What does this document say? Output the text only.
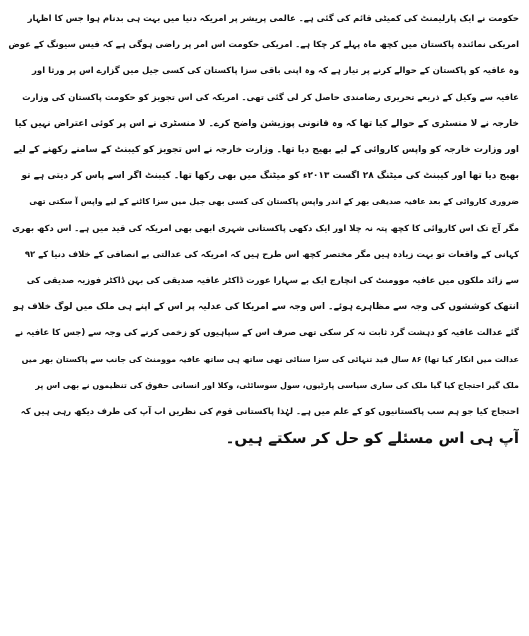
حکومت نے ایک پارلیمنٹ کی کمیٹی قائم کی گئی ہے۔ عالمی پریشر پر امریکہ دنیا میں بہت ہی بدنام ہوا جس کا اظہار
امریکی نمائندہ پاکستان میں کچھ ماہ پہلے کر چکا ہے۔ امریکی حکومت اس امر پر راضی ہوگی ہے کہ فیس سیونگ کے عوض
وہ عافیہ کو پاکستان کے حوالے کرنے پر تیار ہے کہ وہ اپنی باقی سزا پاکستان کی کسی جیل میں گزارے اس پر ورثا اور
عافیہ سے وکیل کے ذریعے تحریری رضامندی حاصل کر لی گئی تھی۔ امریکہ کی اس تجویز کو حکومت پاکستان کی وزارت
خارجہ نے لا منسٹری کے حوالے کیا تھا کہ وہ قانونی پوزیشن واضح کرے۔ لا منسٹری نے اس پر کوئی اعتراض نہیں کیا
اور وزارت خارجہ کو واپس کاروائی کے لیے بھیج دیا تھا۔ وزارت خارجہ نے اس تجویز کو کیبنٹ کے سامنے رکھنے کے لیے
بھیج دیا تھا اور کیبنٹ کی میٹنگ ۲۸ اگست ۲۰۱۳ء کو میٹنگ میں بھی رکھا تھا۔ کیبنٹ اگر اسے پاس کر دیتی ہے تو
ضروری کاروائی کے بعد عافیہ صدیقی بھر کے اندر واپس پاکستان کی کسی بھی جیل میں سزا کاٹنے کے لیے واپس آ سکتی تھی
مگر آج تک اس کاروائی کا کچھ پتہ نہ چلا اور ایک دکھی پاکستانی شہری ابھی بھی امریکہ کی قید میں ہے۔ اس دکھ بھری
کہانی کے واقعات تو بہت زیادہ ہیں مگر مختصر کچھ اس طرح ہیں کہ امریکہ کی عدالتی بے انصافی کے خلاف دنیا کے ۹۲
سے زائد ملکوں میں عافیہ موومنٹ کی انچارج ایک بے سہارا عورت ڈاکٹر عافیہ صدیقی کی بہن ڈاکٹر فوزیہ صدیقی کی
انتھک کوششوں کی وجہ سے مظاہرے ہوئے۔ اس وجہ سے امریکا کی عدلیہ پر اس کے اپنے ہی ملک میں لوگ خلاف ہو
گئے عدالت عافیہ کو دہشت گرد ثابت نہ کر سکی تھی صرف اس کے سپاہیوں کو زخمی کرنے کی وجہ سے (جس کا عافیہ نے
عدالت میں انکار کیا تھا) ۸۶ سال قید تنہائی کی سزا سنائی تھی ساتھ ہی ساتھ عافیہ موومنٹ کی جانب سے پاکستان بھر میں
ملک گیر احتجاج کیا گیا ملک کی ساری سیاسی پارٹیوں، سول سوسائٹی، وکلا اور انسانی حقوق کی تنظیموں نے بھی اس پر
احتجاج کیا جو ہم سب پاکستانیوں کو کے علم میں ہے۔ لہٰذا پاکستانی قوم کی نظریں اب آپ کی طرف دیکھ رہی ہیں کہ
آپ ہی اس مسئلے کو حل کر سکتے ہیں۔
